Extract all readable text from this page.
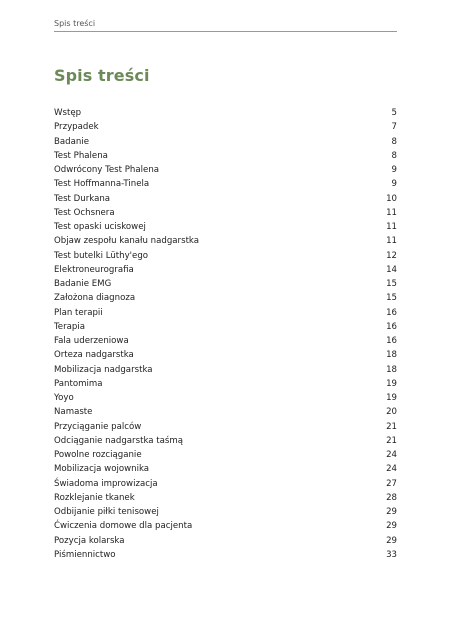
Spis treści
Spis treści
Wstęp	5
Przypadek	7
Badanie	8
Test Phalena	8
Odwrócony Test Phalena	9
Test Hoffmanna-Tinela	9
Test Durkana	10
Test Ochsnera	11
Test opaski uciskowej	11
Objaw zespołu kanału nadgarstka	11
Test butelki Lüthy'ego	12
Elektroneurografia	14
Badanie EMG	15
Założona diagnoza	15
Plan terapii	16
Terapia	16
Fala uderzeniowa	16
Orteza nadgarstka	18
Mobilizacja nadgarstka	18
Pantomima	19
Yoyo	19
Namaste	20
Przyciąganie palców	21
Odciąganie nadgarstka taśmą	21
Powolne rozciąganie	24
Mobilizacja wojownika	24
Świadoma improwizacja	27
Rozklejanie tkanek	28
Odbijanie piłki tenisowej	29
Ćwiczenia domowe dla pacjenta	29
Pozycja kolarska	29
Piśmiennictwo	33
